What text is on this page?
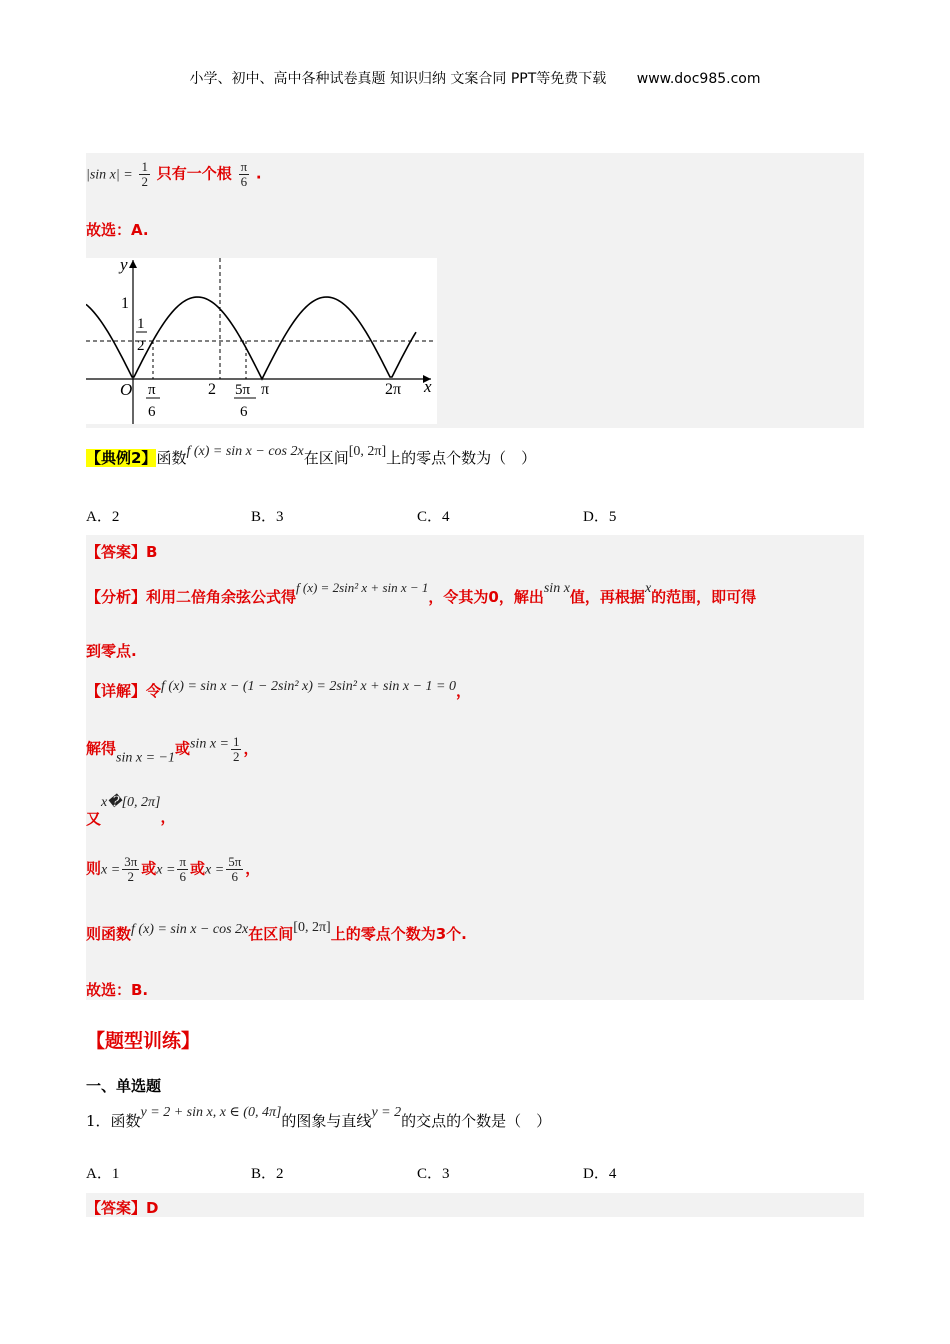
小学、初中、高中各种试卷真题 知识归纳 文案合同 PPT等免费下载 www.doc985.com
|sin $x| = \frac{1}{2}$ 只有一个根 $\frac{\pi}{6}$ .
故选：A.
y
x
O
1
1
2
π
6
2 5π
6
π	2π
【典例2】函数f (x) = sin x − cos 2x在区间[0, 2π]上的零点个数为（　）
A．2	B．3	C．4	D．5
【答案】B
【分析】利用二倍角余弦公式得f (x) = 2sin² x + sin x − 1，令其为0，解出sin x值，再根据x的范围，即可得
到零点.
【详解】令f (x) = sin x − (1 − 2sin² x) = 2sin² x + sin x − 1 = 0，
解得sin x = −1或$\sin x = \frac{1}{2}$ ，
又x�[0, 2π]，
则$x = \frac{3\pi}{2}$ 或$x = \frac{\pi}{6}$ 或$x = \frac{5\pi}{6}$ ，
则函数f (x) = sin x − cos 2x在区间[0, 2π]上的零点个数为3个.
故选：B.
【题型训练】
一、单选题
1．函数y = 2 + sin x, x ∈ (0, 4π]的图象与直线y = 2的交点的个数是（　）
A．1	B．2	C．3	D．4
【答案】D
